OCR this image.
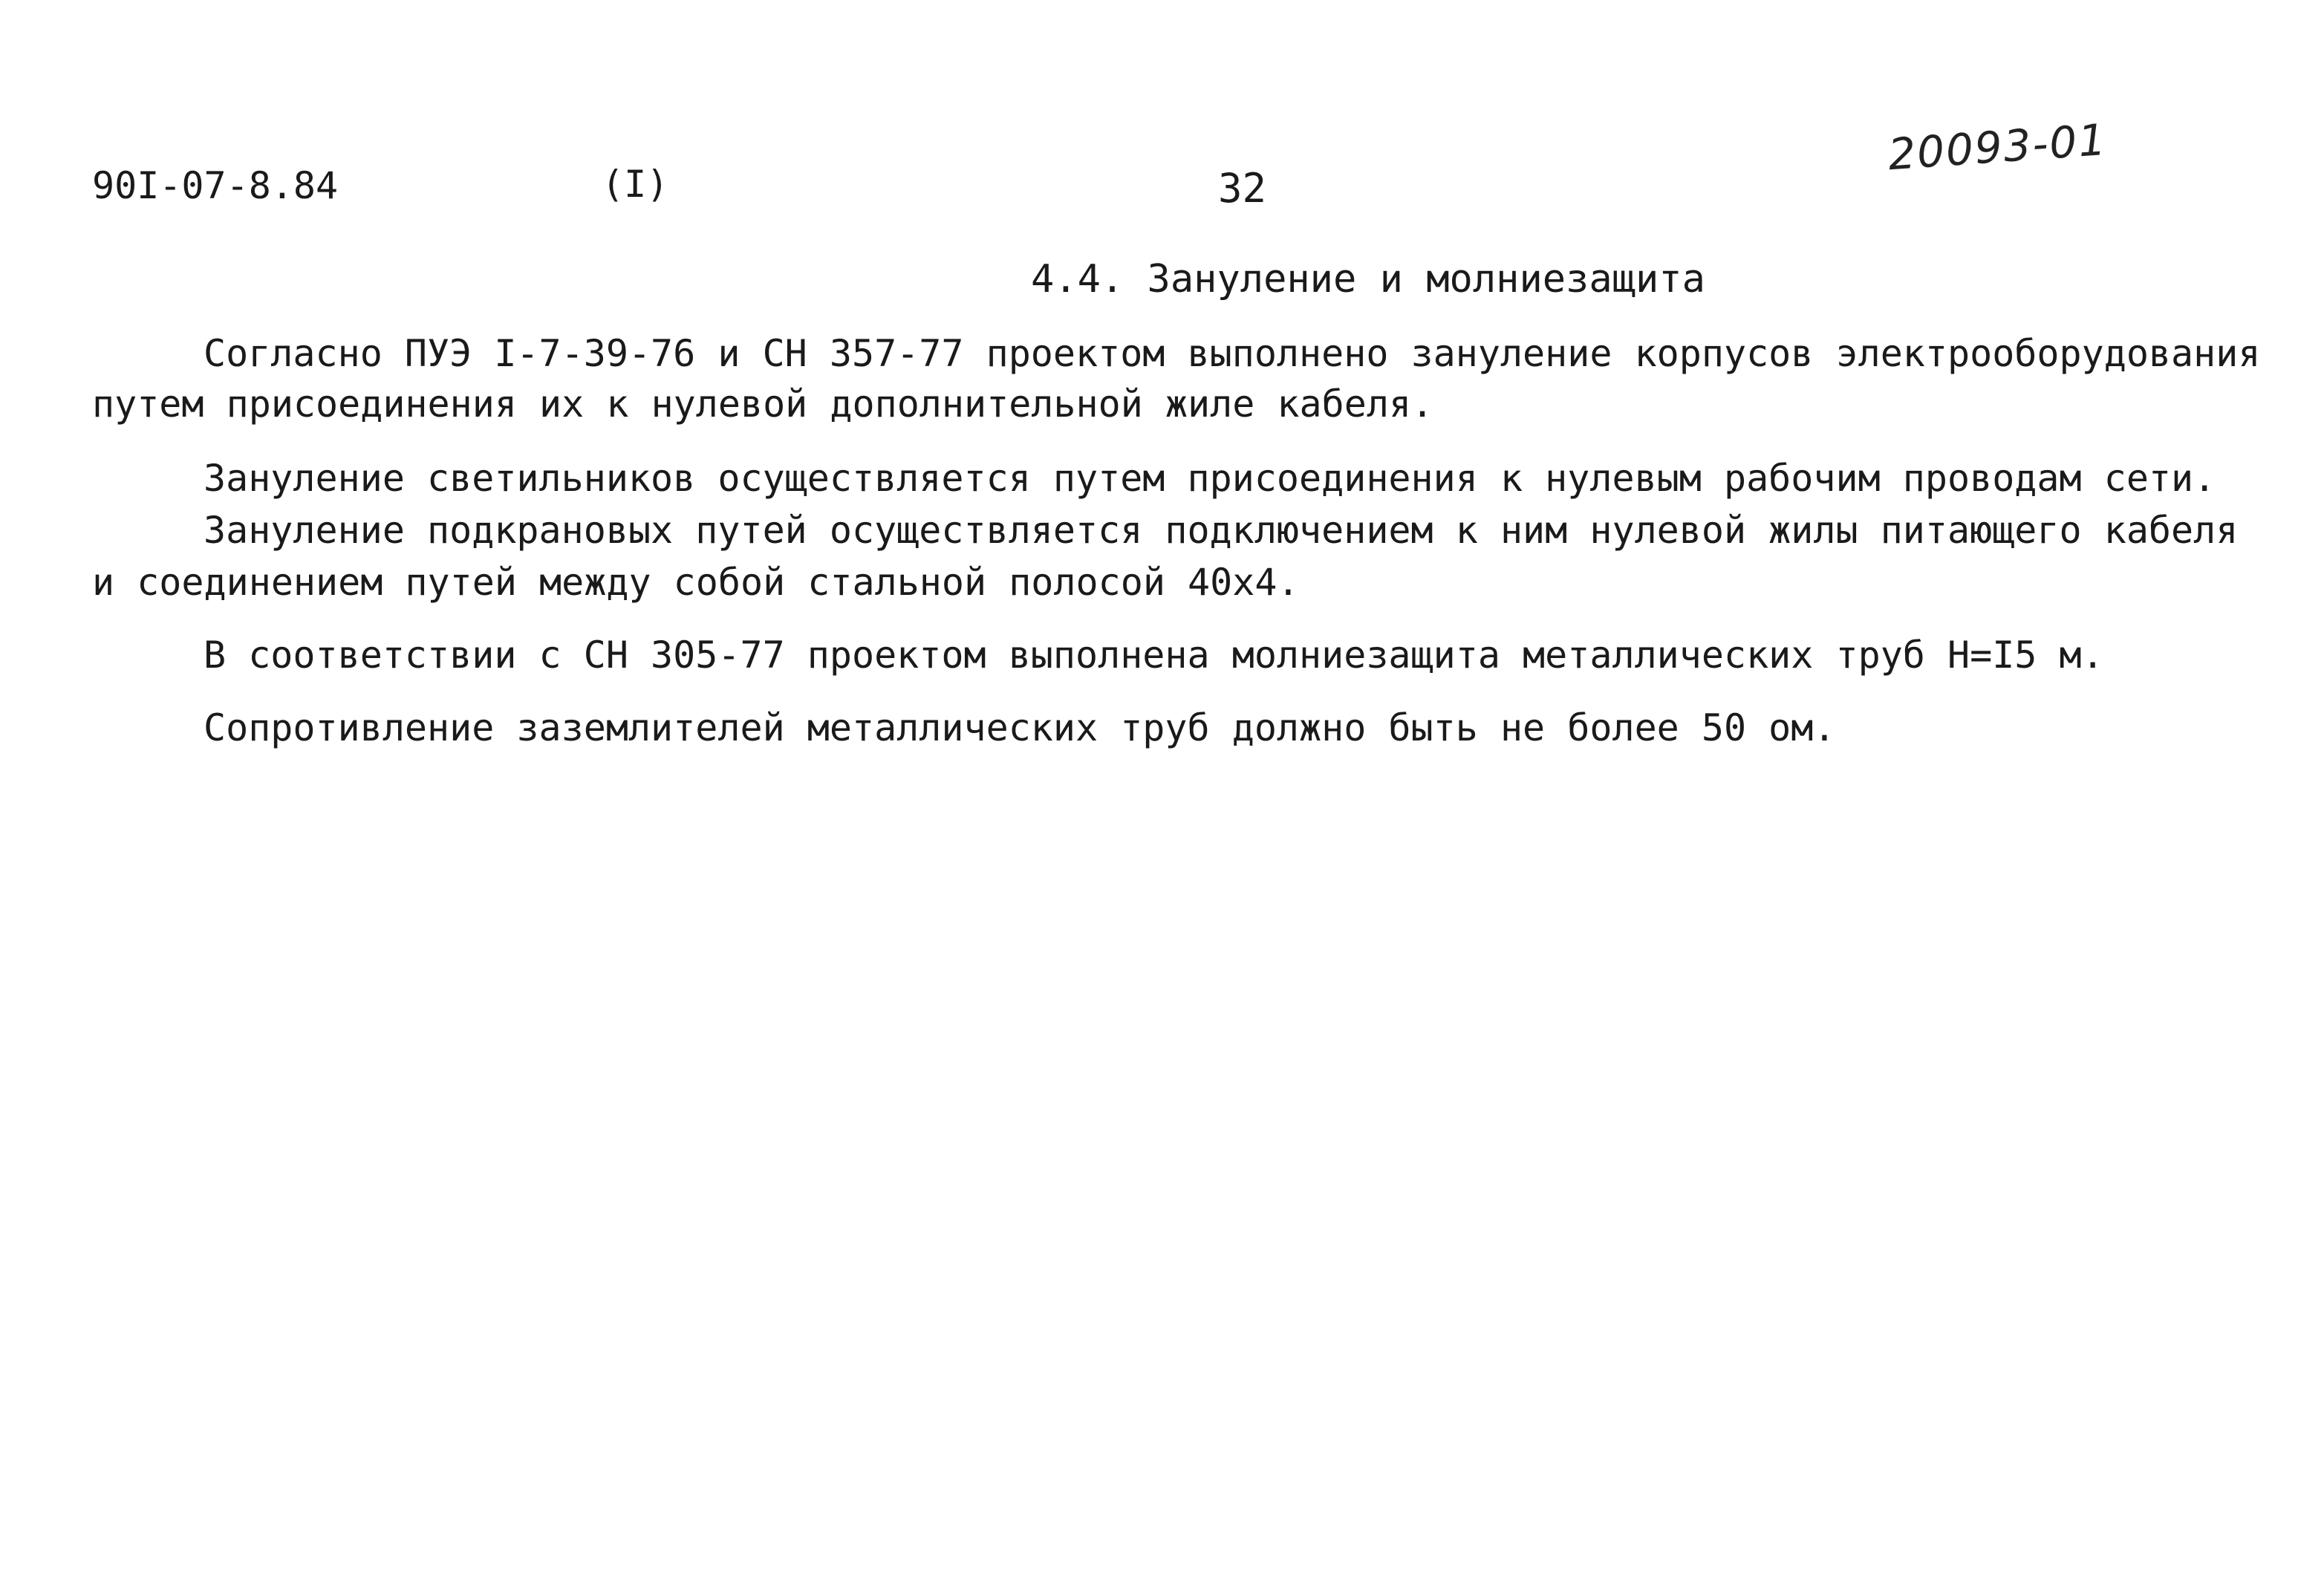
90I-07-8.84	(I)	32
20093-01
4.4. Зануление и молниезащита
Согласно ПУЭ I-7-39-76 и СН 357-77 проектом выполнено зануление корпусов электрооборудования
путем присоединения их к нулевой дополнительной жиле кабеля.
Зануление светильников осуществляется путем присоединения к нулевым рабочим проводам сети.
Зануление подкрановых путей осуществляется подключением к ним нулевой жилы питающего кабеля
и соединением путей между собой стальной полосой 40х4.
В соответствии с СН 305-77 проектом выполнена молниезащита металлических труб Н=I5 м.
Сопротивление заземлителей металлических труб должно быть не более 50 ом.
